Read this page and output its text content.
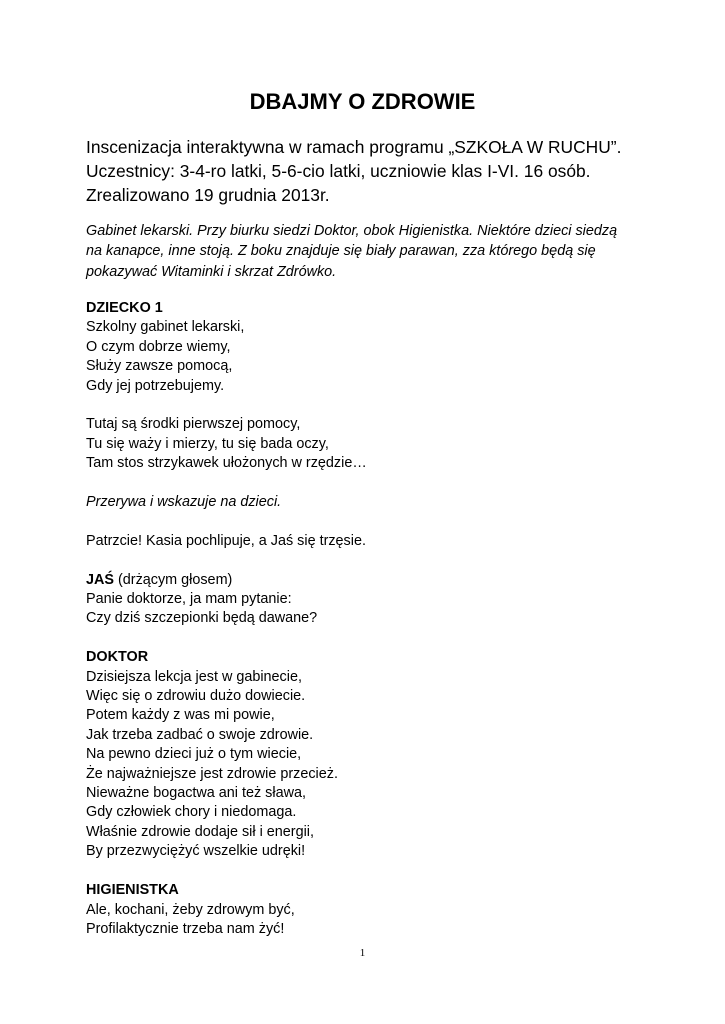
DBAJMY O ZDROWIE
Inscenizacja interaktywna w ramach programu „SZKOŁA W RUCHU”.
Uczestnicy: 3-4-ro latki, 5-6-cio latki, uczniowie klas I-VI. 16 osób.
Zrealizowano 19 grudnia 2013r.
Gabinet lekarski. Przy biurku siedzi Doktor, obok Higienistka. Niektóre dzieci siedzą
na kanapce, inne stoją. Z boku znajduje się biały parawan, zza którego będą się
pokazywać Witaminki i skrzat Zdrówko.
DZIECKO 1
Szkolny gabinet lekarski,
O czym dobrze wiemy,
Służy zawsze pomocą,
Gdy jej potrzebujemy.
Tutaj są środki pierwszej pomocy,
Tu się waży i mierzy, tu się bada oczy,
Tam stos strzykawek ułożonych w rzędzie…
Przerywa i wskazuje na dzieci.
Patrzcie! Kasia pochlipuje, a Jaś się trzęsie.
JAŚ (drżącym głosem)
Panie doktorze, ja mam pytanie:
Czy dziś szczepionki będą dawane?
DOKTOR
Dzisiejsza lekcja jest w gabinecie,
Więc się o zdrowiu dużo dowiecie.
Potem każdy z was mi powie,
Jak trzeba zadbać o swoje zdrowie.
Na pewno dzieci już o tym wiecie,
Że najważniejsze jest zdrowie przecież.
Nieważne bogactwa ani też sława,
Gdy człowiek chory i niedomaga.
Właśnie zdrowie dodaje sił i energii,
By przezwyciężyć wszelkie udręki!
HIGIENISTKA
Ale, kochani, żeby zdrowym być,
Profilaktycznie trzeba nam żyć!
1
